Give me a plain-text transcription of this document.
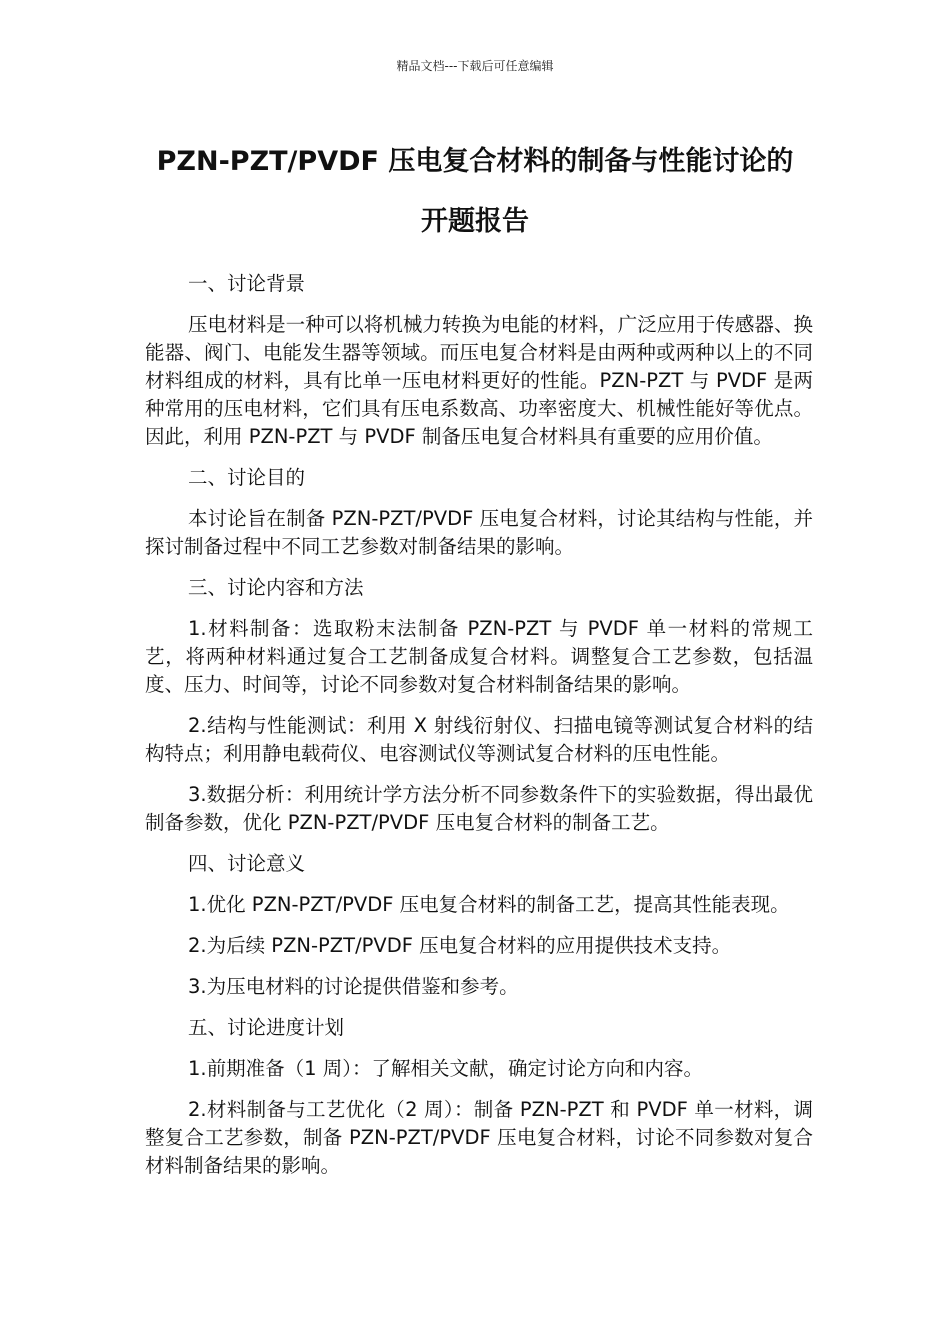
精品文档---下载后可任意编辑
PZN-PZT/PVDF 压电复合材料的制备与性能讨论的
开题报告
一、讨论背景
压电材料是一种可以将机械力转换为电能的材料，广泛应用于传感器、换能器、阀门、电能发生器等领域。而压电复合材料是由两种或两种以上的不同材料组成的材料，具有比单一压电材料更好的性能。PZN-PZT 与 PVDF 是两种常用的压电材料，它们具有压电系数高、功率密度大、机械性能好等优点。因此，利用 PZN-PZT 与 PVDF 制备压电复合材料具有重要的应用价值。
二、讨论目的
本讨论旨在制备 PZN-PZT/PVDF 压电复合材料，讨论其结构与性能，并探讨制备过程中不同工艺参数对制备结果的影响。
三、讨论内容和方法
1.材料制备：选取粉末法制备 PZN-PZT 与 PVDF 单一材料的常规工艺，将两种材料通过复合工艺制备成复合材料。调整复合工艺参数，包括温度、压力、时间等，讨论不同参数对复合材料制备结果的影响。
2.结构与性能测试：利用 X 射线衍射仪、扫描电镜等测试复合材料的结构特点；利用静电载荷仪、电容测试仪等测试复合材料的压电性能。
3.数据分析：利用统计学方法分析不同参数条件下的实验数据，得出最优制备参数，优化 PZN-PZT/PVDF 压电复合材料的制备工艺。
四、讨论意义
1.优化 PZN-PZT/PVDF 压电复合材料的制备工艺，提高其性能表现。
2.为后续 PZN-PZT/PVDF 压电复合材料的应用提供技术支持。
3.为压电材料的讨论提供借鉴和参考。
五、讨论进度计划
1.前期准备（1 周）：了解相关文献，确定讨论方向和内容。
2.材料制备与工艺优化（2 周）：制备 PZN-PZT 和 PVDF 单一材料，调整复合工艺参数，制备 PZN-PZT/PVDF 压电复合材料，讨论不同参数对复合材料制备结果的影响。
